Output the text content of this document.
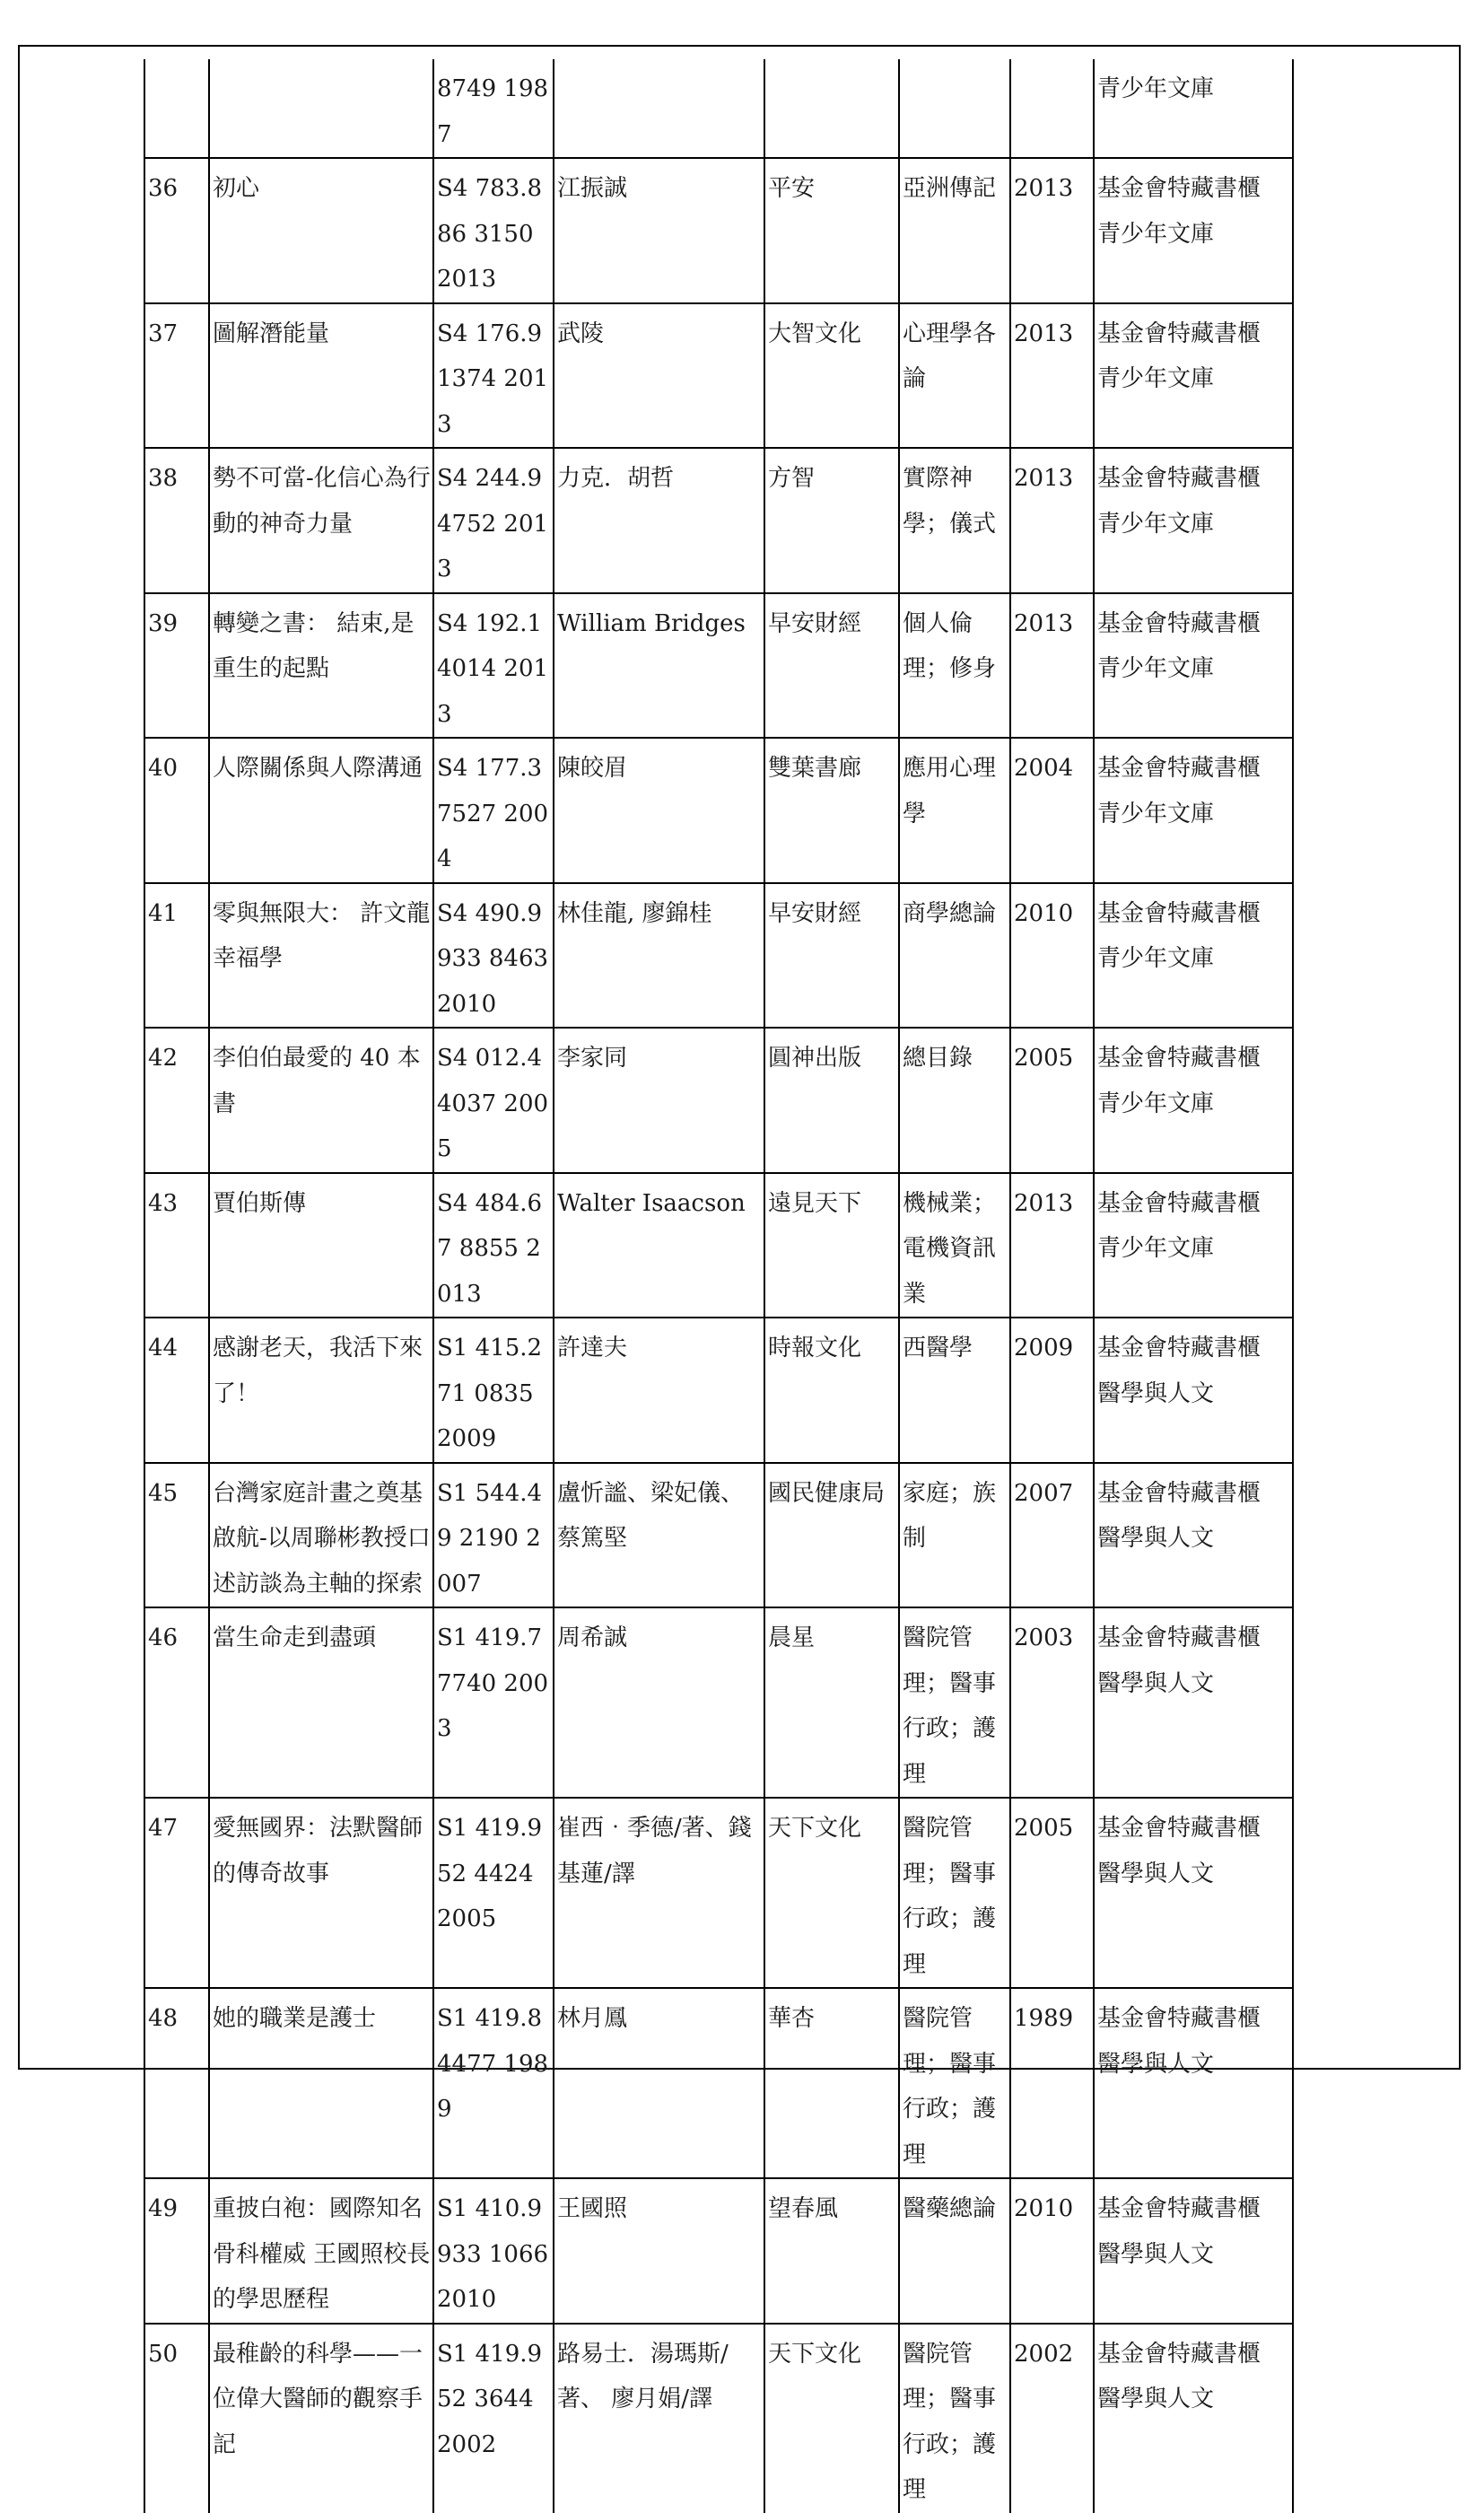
		8749 1987					青少年文庫
36	初心	S4 783.886 3150 2013	江振誠	平安	亞洲傳記	2013	基金會特藏書櫃 青少年文庫
37	圖解潛能量	S4 176.9 1374 2013	武陵	大智文化	心理學各論	2013	基金會特藏書櫃 青少年文庫
38	勢不可當-化信心為行動的神奇力量	S4 244.9 4752 2013	力克．胡哲	方智	實際神學；儀式	2013	基金會特藏書櫃 青少年文庫
39	轉變之書： 結束,是重生的起點	S4 192.1 4014 2013	William Bridges	早安財經	個人倫理；修身	2013	基金會特藏書櫃 青少年文庫
40	人際關係與人際溝通	S4 177.3 7527 2004	陳皎眉	雙葉書廊	應用心理學	2004	基金會特藏書櫃 青少年文庫
41	零與無限大： 許文龍幸福學	S4 490.9933 8463 2010	林佳龍, 廖錦桂	早安財經	商學總論	2010	基金會特藏書櫃 青少年文庫
42	李伯伯最愛的 40 本書	S4 012.4 4037 2005	李家同	圓神出版	總目錄	2005	基金會特藏書櫃 青少年文庫
43	賈伯斯傳	S4 484.67 8855 2013	Walter Isaacson	遠見天下	機械業；電機資訊業	2013	基金會特藏書櫃 青少年文庫
44	感謝老天，我活下來了！	S1 415.271 0835 2009	許達夫	時報文化	西醫學	2009	基金會特藏書櫃 醫學與人文
45	台灣家庭計畫之奠基啟航-以周聯彬教授口述訪談為主軸的探索	S1 544.49 2190 2007	盧忻謐、梁妃儀、蔡篤堅	國民健康局	家庭；族制	2007	基金會特藏書櫃 醫學與人文
46	當生命走到盡頭	S1 419.7 7740 2003	周希誠	晨星	醫院管理；醫事行政；護理	2003	基金會特藏書櫃 醫學與人文
47	愛無國界：法默醫師的傳奇故事	S1 419.952 4424 2005	崔西‧季德/著、錢基蓮/譯	天下文化	醫院管理；醫事行政；護理	2005	基金會特藏書櫃 醫學與人文
48	她的職業是護士	S1 419.8 4477 1989	林月鳳	華杏	醫院管理；醫事行政；護理	1989	基金會特藏書櫃 醫學與人文
49	重披白袍：國際知名骨科權威 王國照校長的學思歷程	S1 410.9933 1066 2010	王國照	望春風	醫藥總論	2010	基金會特藏書櫃 醫學與人文
50	最稚齡的科學——一位偉大醫師的觀察手記	S1 419.952 3644 2002	路易士．湯瑪斯/著、 廖月娟/譯	天下文化	醫院管理；醫事行政；護理	2002	基金會特藏書櫃 醫學與人文
